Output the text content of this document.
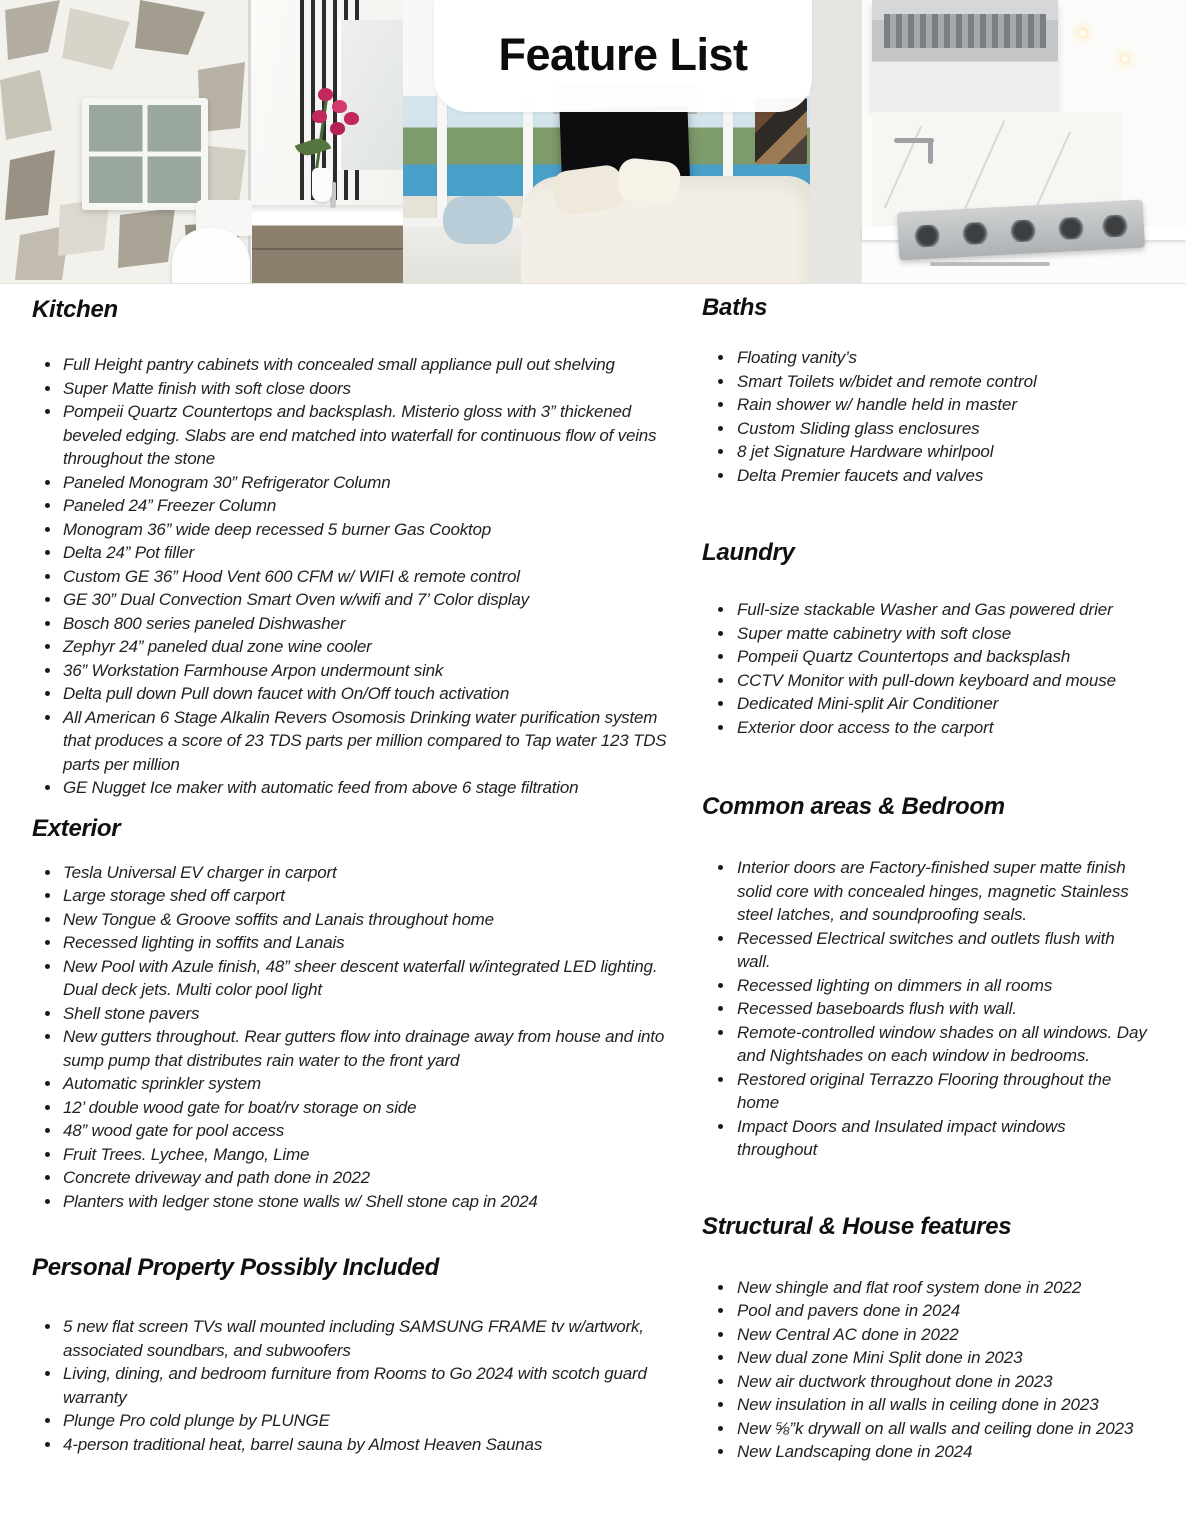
Feature List
Kitchen
Full Height pantry cabinets with concealed small appliance pull out shelving
Super Matte finish with soft close doors
Pompeii Quartz Countertops and backsplash. Misterio gloss with 3” thickened beveled edging. Slabs are end matched into waterfall for continuous flow of veins throughout the stone
Paneled Monogram 30” Refrigerator Column
Paneled 24” Freezer Column
Monogram 36” wide deep recessed 5 burner Gas Cooktop
Delta 24” Pot filler
Custom GE 36” Hood Vent 600 CFM w/ WIFI & remote control
GE 30” Dual Convection Smart Oven w/wifi and 7’ Color display
Bosch 800 series paneled Dishwasher
Zephyr 24” paneled dual zone wine cooler
36” Workstation Farmhouse Arpon undermount sink
Delta pull down Pull down faucet with On/Off touch activation
All American 6 Stage Alkalin Revers Osomosis Drinking water purification system that produces a score of 23 TDS parts per million compared to Tap water 123 TDS parts per million
GE Nugget Ice maker with automatic feed from above 6 stage filtration
Exterior
Tesla Universal EV charger in carport
Large storage shed off carport
New Tongue & Groove soffits and Lanais throughout home
Recessed lighting in soffits and Lanais
New Pool with Azule finish, 48” sheer descent waterfall w/integrated LED lighting. Dual deck jets. Multi color pool light
Shell stone pavers
New gutters throughout. Rear gutters flow into drainage away from house and into sump pump that distributes rain water to the front yard
Automatic sprinkler system
12’ double wood gate for boat/rv storage on side
48” wood gate for pool access
Fruit Trees. Lychee, Mango, Lime
Concrete driveway and path done in 2022
Planters with ledger stone stone walls w/ Shell stone cap in 2024
Personal Property Possibly Included
5 new flat screen TVs wall mounted including SAMSUNG FRAME tv w/artwork, associated soundbars, and subwoofers
Living, dining, and bedroom furniture from Rooms to Go 2024 with scotch guard warranty
Plunge Pro cold plunge by PLUNGE
4-person traditional heat, barrel sauna by Almost Heaven Saunas
Baths
Floating vanity’s
Smart Toilets w/bidet and remote control
Rain shower w/ handle held in master
Custom Sliding glass enclosures
8 jet Signature Hardware whirlpool
Delta Premier faucets and valves
Laundry
Full-size stackable Washer and Gas powered drier
Super matte cabinetry with soft close
Pompeii Quartz Countertops and backsplash
CCTV Monitor with pull-down keyboard and mouse
Dedicated Mini-split Air Conditioner
Exterior door access to the carport
Common areas & Bedroom
Interior doors are Factory-finished super matte finish solid core with concealed hinges, magnetic Stainless steel latches, and soundproofing seals.
Recessed Electrical switches and outlets flush with wall.
Recessed lighting on dimmers in all rooms
Recessed baseboards flush with wall.
Remote-controlled window shades on all windows. Day and Nightshades on each window in bedrooms.
Restored original Terrazzo Flooring throughout the home
Impact Doors and Insulated impact windows throughout
Structural & House features
New shingle and flat roof system done in 2022
Pool and pavers done in 2024
New Central AC done in 2022
New dual zone Mini Split done in 2023
New air ductwork throughout done in 2023
New insulation in all walls in ceiling done in 2023
New ⅝”k drywall on all walls and ceiling done in 2023
New Landscaping done in 2024
